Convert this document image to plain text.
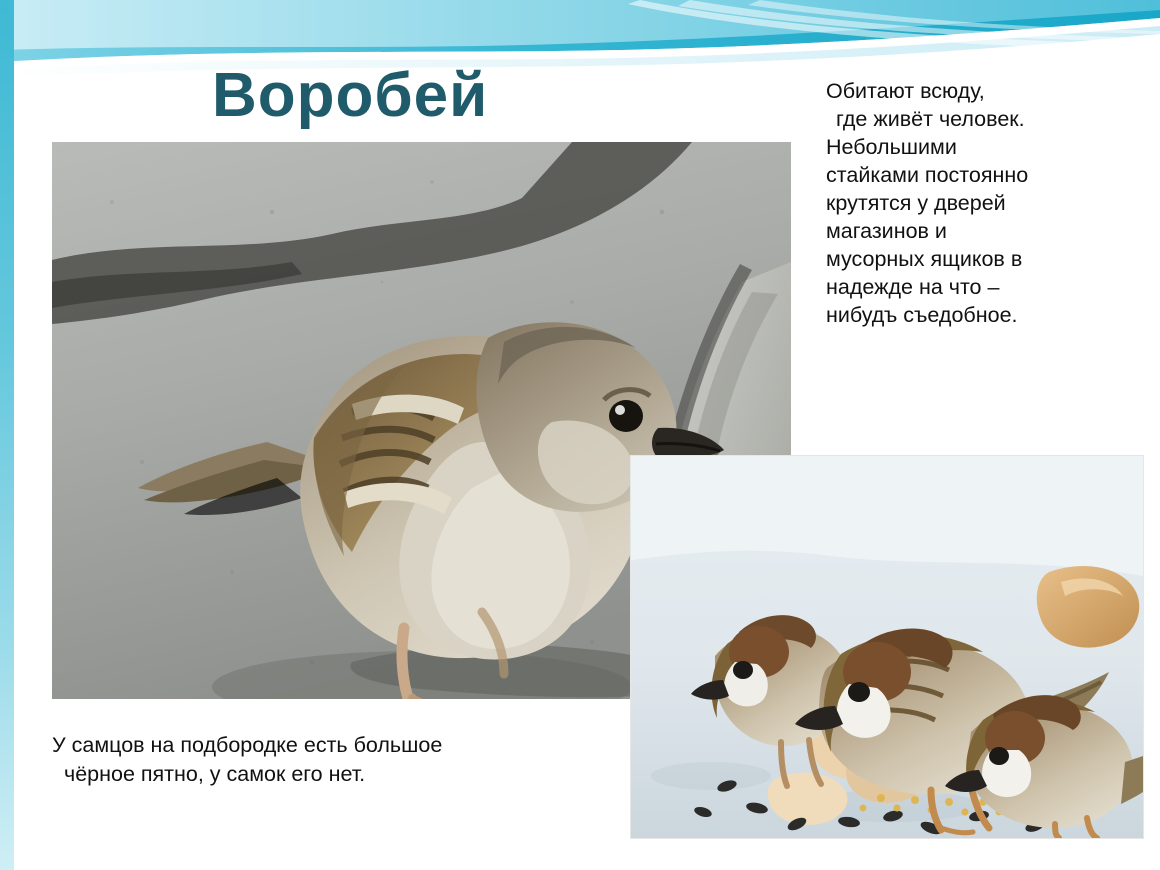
Воробей	Обитают всюду,

где живёт человек.

Небольшими

стайками постоянно

крутятся у дверей

магазинов и

мусорных ящиков в

надежде на что –

нибудъ съедобное.

У самцов на подбородке есть большое

чёрное пятно, у самок его нет.
